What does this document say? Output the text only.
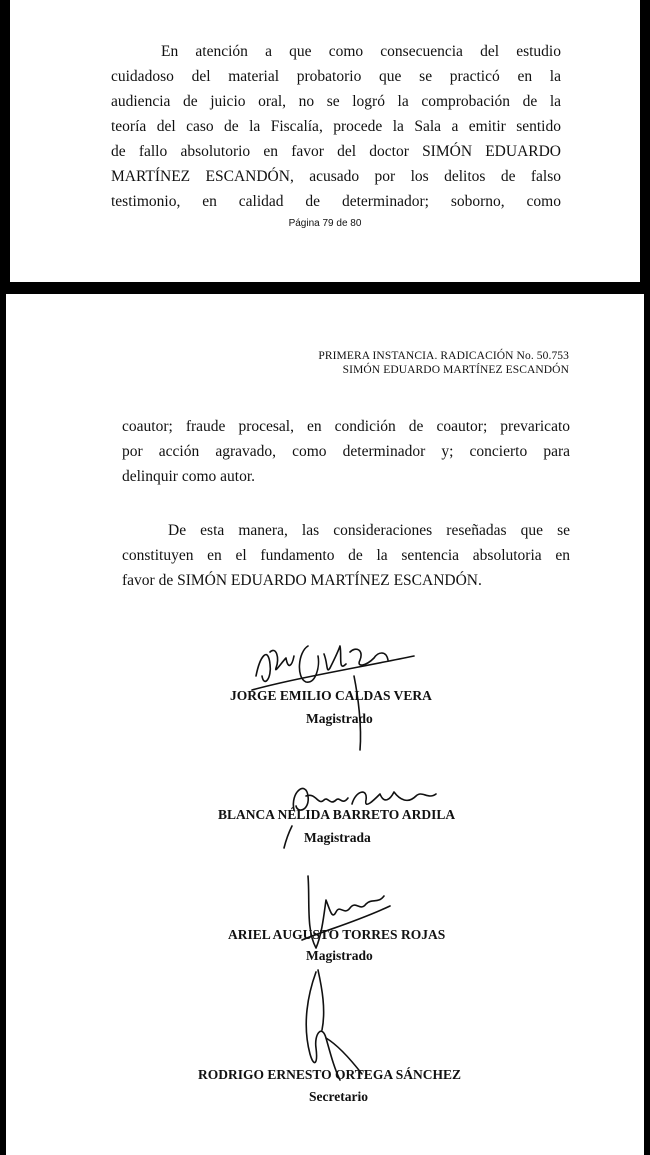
En atención a que como consecuencia del estudio
cuidadoso del material probatorio que se practicó en la
audiencia de juicio oral, no se logró la comprobación de la
teoría del caso de la Fiscalía, procede la Sala a emitir sentido
de fallo absolutorio en favor del doctor SIMÓN EDUARDO
MARTÍNEZ ESCANDÓN, acusado por los delitos de falso
testimonio, en calidad de determinador; soborno, como
Página 79 de 80
PRIMERA INSTANCIA. RADICACIÓN No. 50.753
SIMÓN EDUARDO MARTÍNEZ ESCANDÓN
coautor; fraude procesal, en condición de coautor; prevaricato
por acción agravado, como determinador y; concierto para
delinquir como autor.
De esta manera, las consideraciones reseñadas que se
constituyen en el fundamento de la sentencia absolutoria en
favor de SIMÓN EDUARDO MARTÍNEZ ESCANDÓN.
JORGE EMILIO CALDAS VERA
Magistrado
BLANCA NÉLIDA BARRETO ARDILA
Magistrada
ARIEL AUGUSTO TORRES ROJAS
Magistrado
RODRIGO ERNESTO ORTEGA SÁNCHEZ
Secretario
